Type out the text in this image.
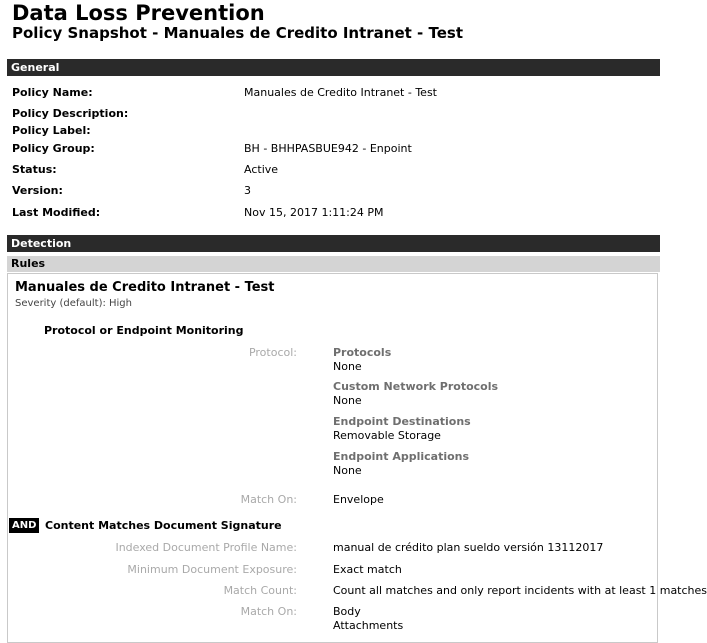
Data Loss Prevention
Policy Snapshot - Manuales de Credito Intranet - Test
General
Policy Name:	Manuales de Credito Intranet - Test
Policy Description:
Policy Label:
Policy Group:	BH - BHHPASBUE942 - Enpoint
Status:	Active
Version:	3
Last Modified:	Nov 15, 2017 1:11:24 PM
Detection
Rules
Manuales de Credito Intranet - Test
Severity (default): High
Protocol or Endpoint Monitoring
Protocol:	Protocols
None
Custom Network Protocols
None
Endpoint Destinations
Removable Storage
Endpoint Applications
None
Match On:	Envelope
AND Content Matches Document Signature
Indexed Document Profile Name:	manual de crédito plan sueldo versión 13112017
Minimum Document Exposure:	Exact match
Match Count:	Count all matches and only report incidents with at least 1 matches
Match On:	Body
Attachments
